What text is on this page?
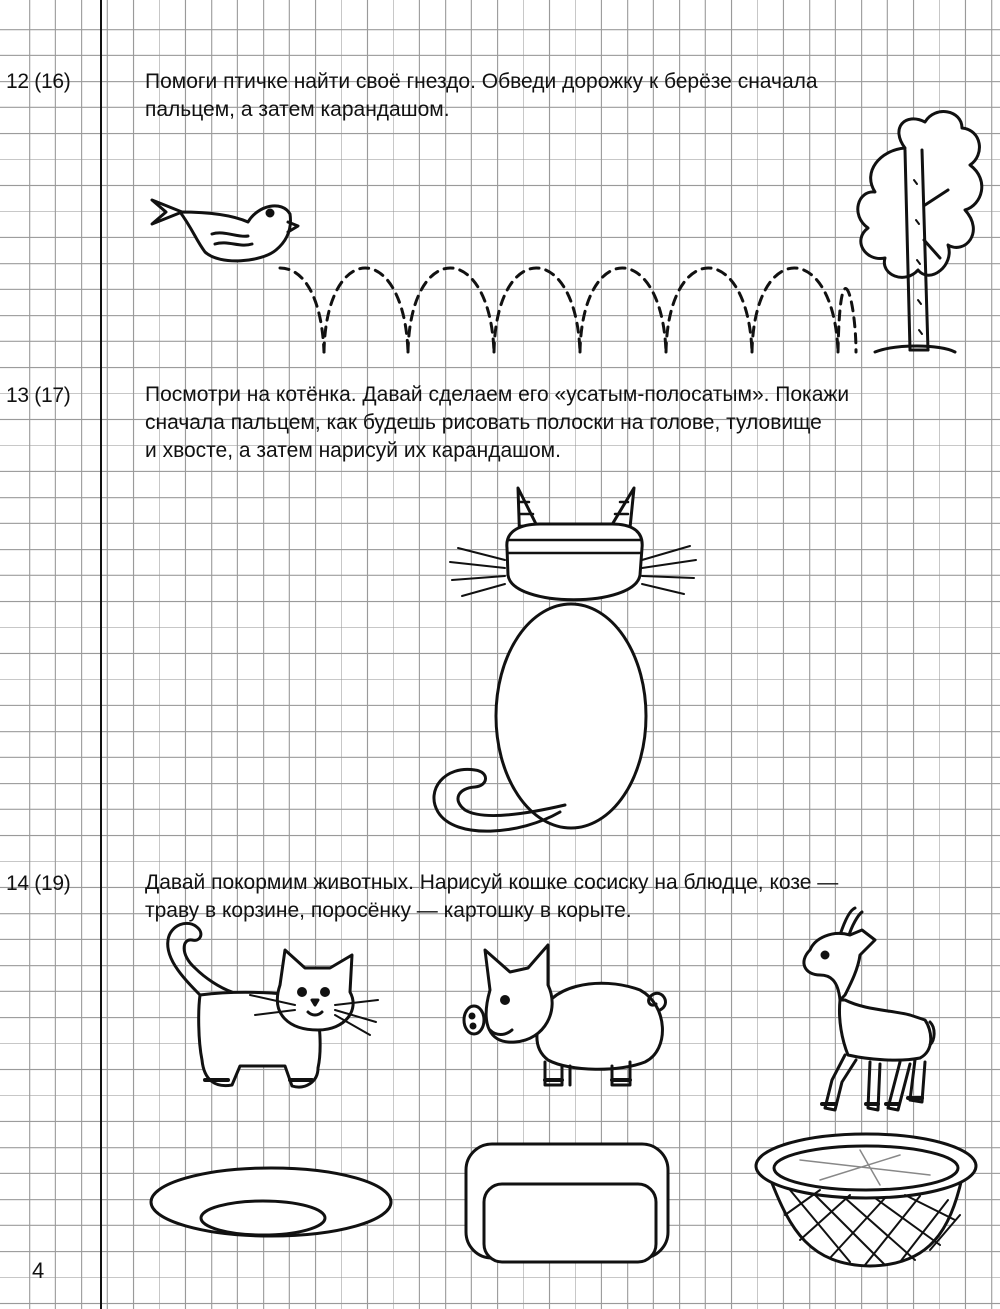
12 (16)	Помоги птичке найти своё гнездо. Обведи дорожку к берёзе сначала
пальцем, а затем карандашом.
13 (17)	Посмотри на котёнка. Давай сделаем его «усатым-полосатым». Покажи
сначала пальцем, как будешь рисовать полоски на голове, туловище
и хвосте, а затем нарисуй их карандашом.
14 (19)	Давай покормим животных. Нарисуй кошке сосиску на блюдце, козе —
траву в корзине, поросёнку — картошку в корыте.
4
